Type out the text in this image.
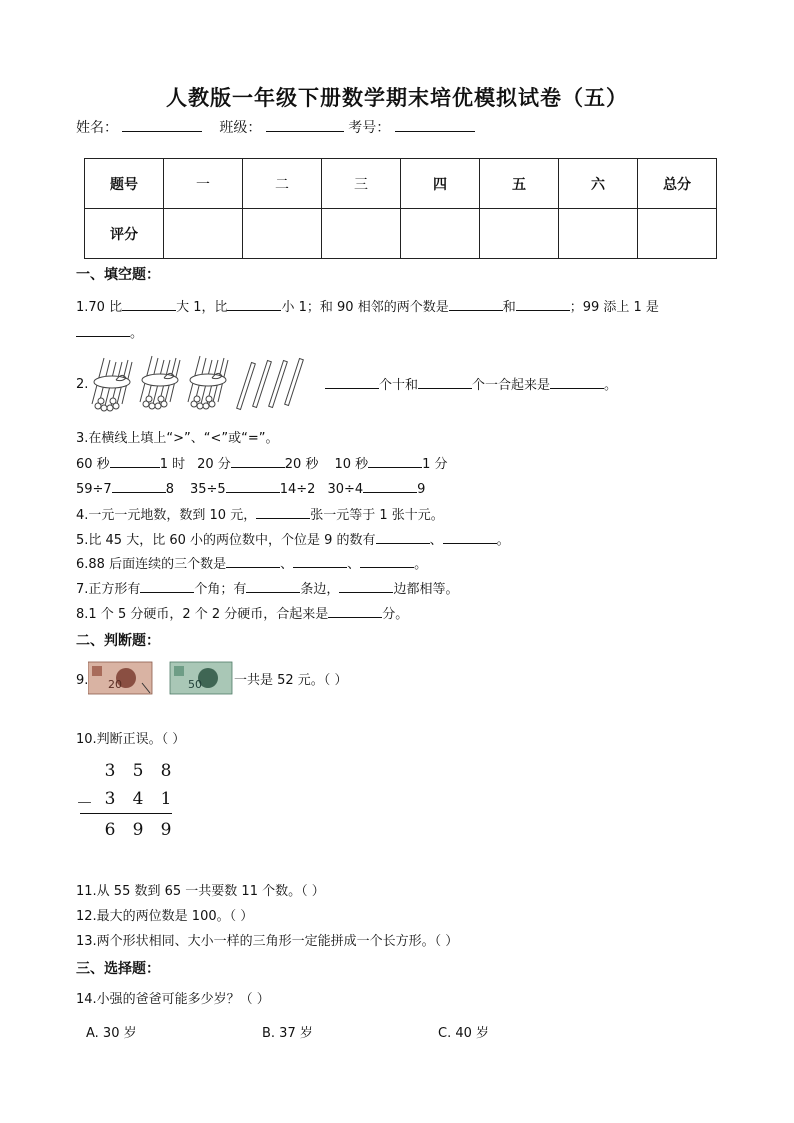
人教版一年级下册数学期末培优模拟试卷（五）
姓名：	班级：	考号：
题号	一	二	三	四	五	六	总分
评分							
一、填空题：
1.70 比	大 1，比	小 1；和 90 相邻的两个数是	和	；99 添上 1 是
。
2.	个十和	个一合起来是	。
3.在横线上填上“>”、“<”或“=”。
60 秒	1 时 20 分	20 秒 10 秒	1 分
59÷7	8 35÷5	14÷2 30÷4	9
4.一元一元地数，数到 10 元，	张一元等于 1 张十元。
5.比 45 大，比 60 小的两位数中，个位是 9 的数有	、	。
6.88 后面连续的三个数是	、	、	。
7.正方形有	个角；有	条边，	边都相等。
8.1 个 5 分硬币，2 个 2 分硬币，合起来是	分。
二、判断题：
9. 20	50 一共是 52 元。（ ）
10.判断正误。（ ）
3 5 8
－ 3 4 1
6 9 9
11.从 55 数到 65 一共要数 11 个数。（ ）
12.最大的两位数是 100。（ ）
13.两个形状相同、大小一样的三角形一定能拼成一个长方形。（ ）
三、选择题：
14.小强的爸爸可能多少岁？（ ）
A. 30 岁	B. 37 岁	C. 40 岁
